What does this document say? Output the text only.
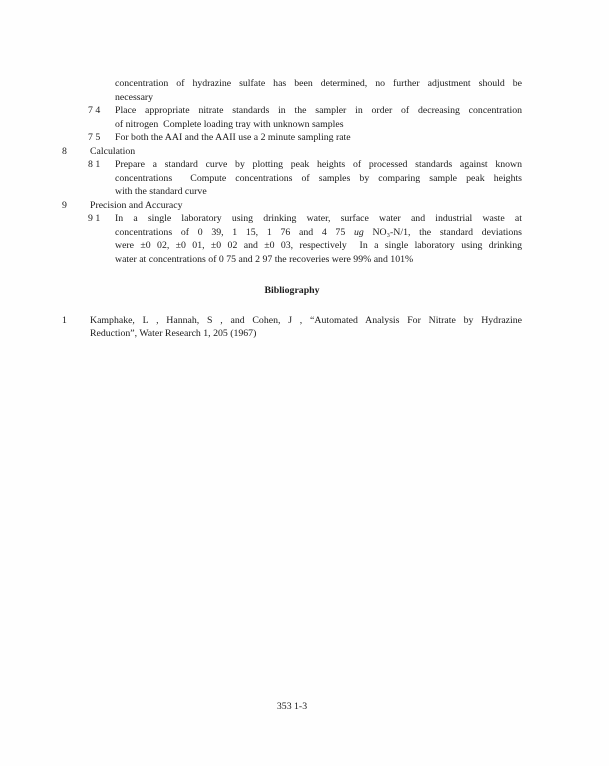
concentration of hydrazine sulfate has been determined, no further adjustment should be
necessary
7 4	Place appropriate nitrate standards in the sampler in order of decreasing concentration
of nitrogen  Complete loading tray with unknown samples
7 5	For both the AAI and the AAII use a 2 minute sampling rate
8	Calculation
8 1	Prepare a standard curve by plotting peak heights of processed standards against known
concentrations  Compute concentrations of samples by comparing sample peak heights
with the standard curve
9	Precision and Accuracy
9 1	In a single laboratory using drinking water, surface water and industrial waste at
concentrations of 0 39, 1 15, 1 76 and 4 75 ug NO₃-N/1, the standard deviations
were ±0 02, ±0 01, ±0 02 and ±0 03, respectively  In a single laboratory using drinking
water at concentrations of 0 75 and 2 97 the recoveries were 99% and 101%
Bibliography
1	Kamphake, L , Hannah, S , and Cohen, J , “Automated Analysis For Nitrate by Hydrazine
Reduction”, Water Research 1, 205 (1967)
353 1-3
